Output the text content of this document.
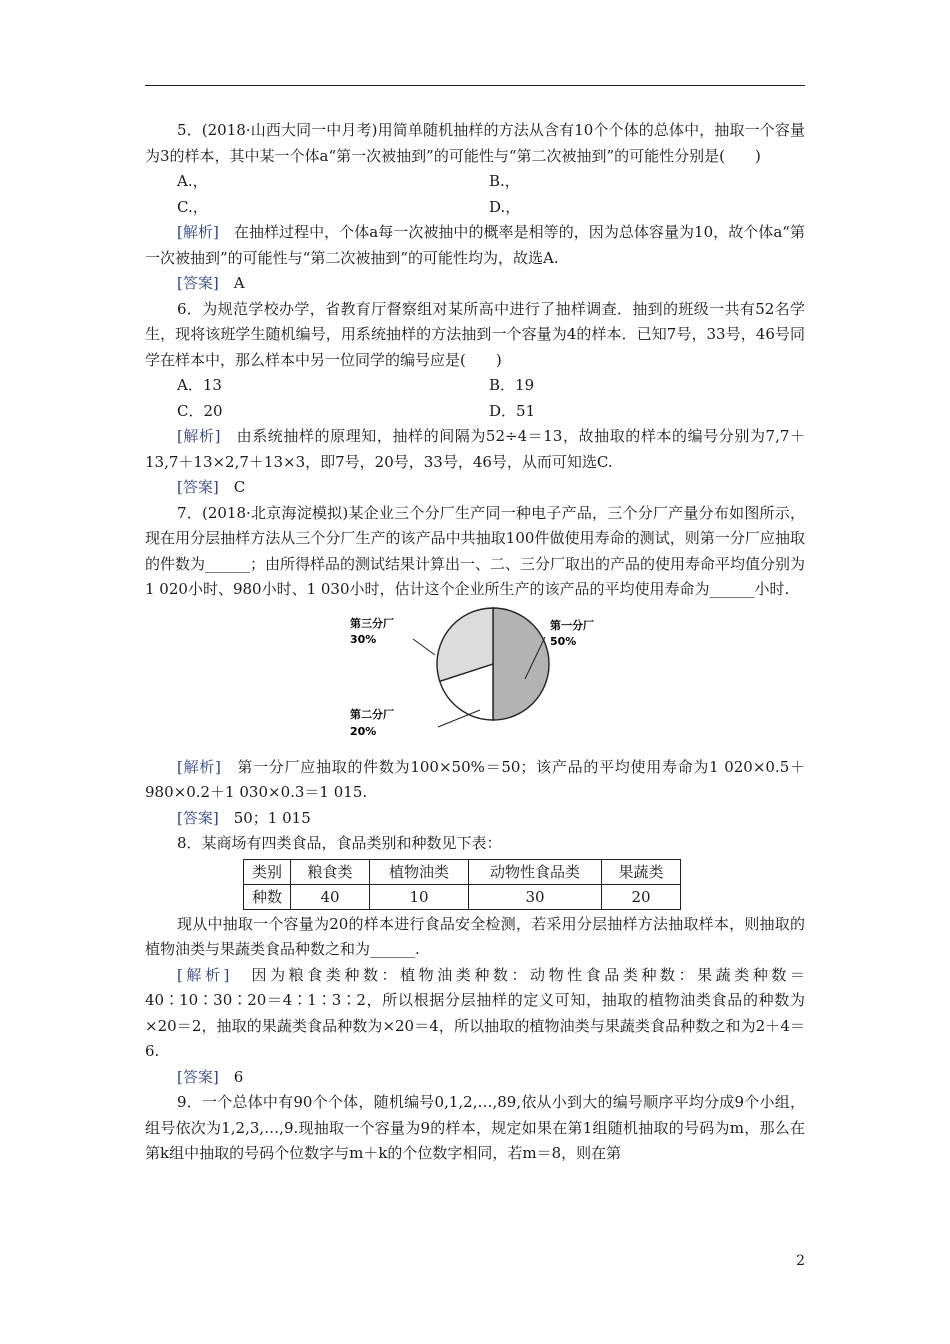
5．(2018·山西大同一中月考)用简单随机抽样的方法从含有10个个体的总体中，抽取一个容量为3的样本，其中某一个体a“第一次被抽到”的可能性与“第二次被抽到”的可能性分别是(　　)

A.，	B.，
C.，	D.，

[解析]　在抽样过程中，个体a每一次被抽中的概率是相等的，因为总体容量为10，故个体a“第一次被抽到”的可能性与“第二次被抽到”的可能性均为，故选A.

[答案]　A

6．为规范学校办学，省教育厅督察组对某所高中进行了抽样调查．抽到的班级一共有52名学生，现将该班学生随机编号，用系统抽样的方法抽到一个容量为4的样本．已知7号，33号，46号同学在样本中，那么样本中另一位同学的编号应是(　　)

A．13	B．19
C．20	D．51

[解析]　由系统抽样的原理知，抽样的间隔为52÷4＝13，故抽取的样本的编号分别为7,7＋13,7＋13×2,7＋13×3，即7号，20号，33号，46号，从而可知选C.

[答案]　C

7．(2018·北京海淀模拟)某企业三个分厂生产同一种电子产品，三个分厂产量分布如图所示，现在用分层抽样方法从三个分厂生产的该产品中共抽取100件做使用寿命的测试，则第一分厂应抽取的件数为______；由所得样品的测试结果计算出一、二、三分厂取出的产品的使用寿命平均值分别为1 020小时、980小时、1 030小时，估计这个企业所生产的该产品的平均使用寿命为______小时.

第一分厂
50%
第二分厂
20%
第三分厂
30%

[解析]　第一分厂应抽取的件数为100×50%＝50；该产品的平均使用寿命为1 020×0.5＋980×0.2＋1 030×0.3＝1 015.

[答案]　50；1 015

8．某商场有四类食品，食品类别和种数见下表：

类别	粮食类	植物油类	动物性食品类	果蔬类
种数	40	10	30	20

现从中抽取一个容量为20的样本进行食品安全检测，若采用分层抽样方法抽取样本，则抽取的植物油类与果蔬类食品种数之和为______.

[解析]　因为粮食类种数：植物油类种数：动物性食品类种数：果蔬类种数＝40∶10∶30∶20＝4∶1∶3∶2，所以根据分层抽样的定义可知，抽取的植物油类食品的种数为×20＝2，抽取的果蔬类食品种数为×20＝4，所以抽取的植物油类与果蔬类食品种数之和为2＋4＝6.

[答案]　6

9．一个总体中有90个个体，随机编号0,1,2,…,89,依从小到大的编号顺序平均分成9个小组，组号依次为1,2,3,…,9.现抽取一个容量为9的样本，规定如果在第1组随机抽取的号码为m，那么在第k组中抽取的号码个位数字与m＋k的个位数字相同，若m＝8，则在第

2
